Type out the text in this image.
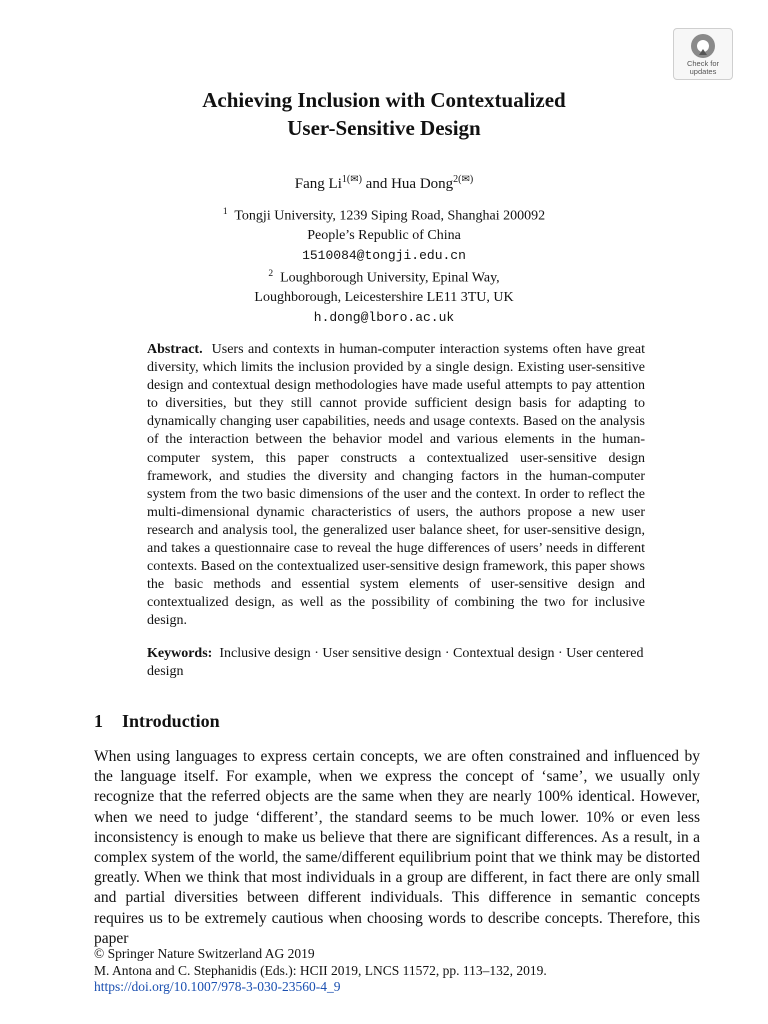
Check for
updates
Achieving Inclusion with Contextualized
User-Sensitive Design
Fang $Li^{1(✉)}$ and Hua Dong$^{2(✉)}$
$^1$ Tongji University, 1239 Siping Road, Shanghai 200092
People’s Republic of China
1510084@tongji.edu.cn
$^2$ Loughborough University, Epinal Way,
Loughborough, Leicestershire LE11 3TU, UK
h.dong@lboro.ac.uk
Abstract. Users and contexts in human-computer interaction systems often have great diversity, which limits the inclusion provided by a single design. Existing user-sensitive design and contextual design methodologies have made useful attempts to pay attention to diversities, but they still cannot provide sufficient design basis for adapting to dynamically changing user capabilities, needs and usage contexts. Based on the analysis of the interaction between the behavior model and various elements in the human-computer system, this paper constructs a contextualized user-sensitive design framework, and studies the diversity and changing factors in the human-computer system from the two basic dimensions of the user and the context. In order to reflect the multi-dimensional dynamic characteristics of users, the authors propose a new user research and analysis tool, the generalized user balance sheet, for user-sensitive design, and takes a questionnaire case to reveal the huge differences of users’ needs in different contexts. Based on the contextualized user-sensitive design framework, this paper shows the basic methods and essential system elements of user-sensitive design and contextualized design, as well as the possibility of combining the two for inclusive design.
Keywords: Inclusive design · User sensitive design · Contextual design · User centered design
1 Introduction
When using languages to express certain concepts, we are often constrained and influenced by the language itself. For example, when we express the concept of ‘same’, we usually only recognize that the referred objects are the same when they are nearly 100% identical. However, when we need to judge ‘different’, the standard seems to be much lower. 10% or even less inconsistency is enough to make us believe that there are significant differences. As a result, in a complex system of the world, the same/different equilibrium point that we think may be distorted greatly. When we think that most individuals in a group are different, in fact there are only small and partial diversities between different individuals. This difference in semantic concepts requires us to be extremely cautious when choosing words to describe concepts. Therefore, this paper
© Springer Nature Switzerland AG 2019
M. Antona and C. Stephanidis (Eds.): HCII 2019, LNCS 11572, pp. 113–132, 2019.
https://doi.org/10.1007/978-3-030-23560-4_9
